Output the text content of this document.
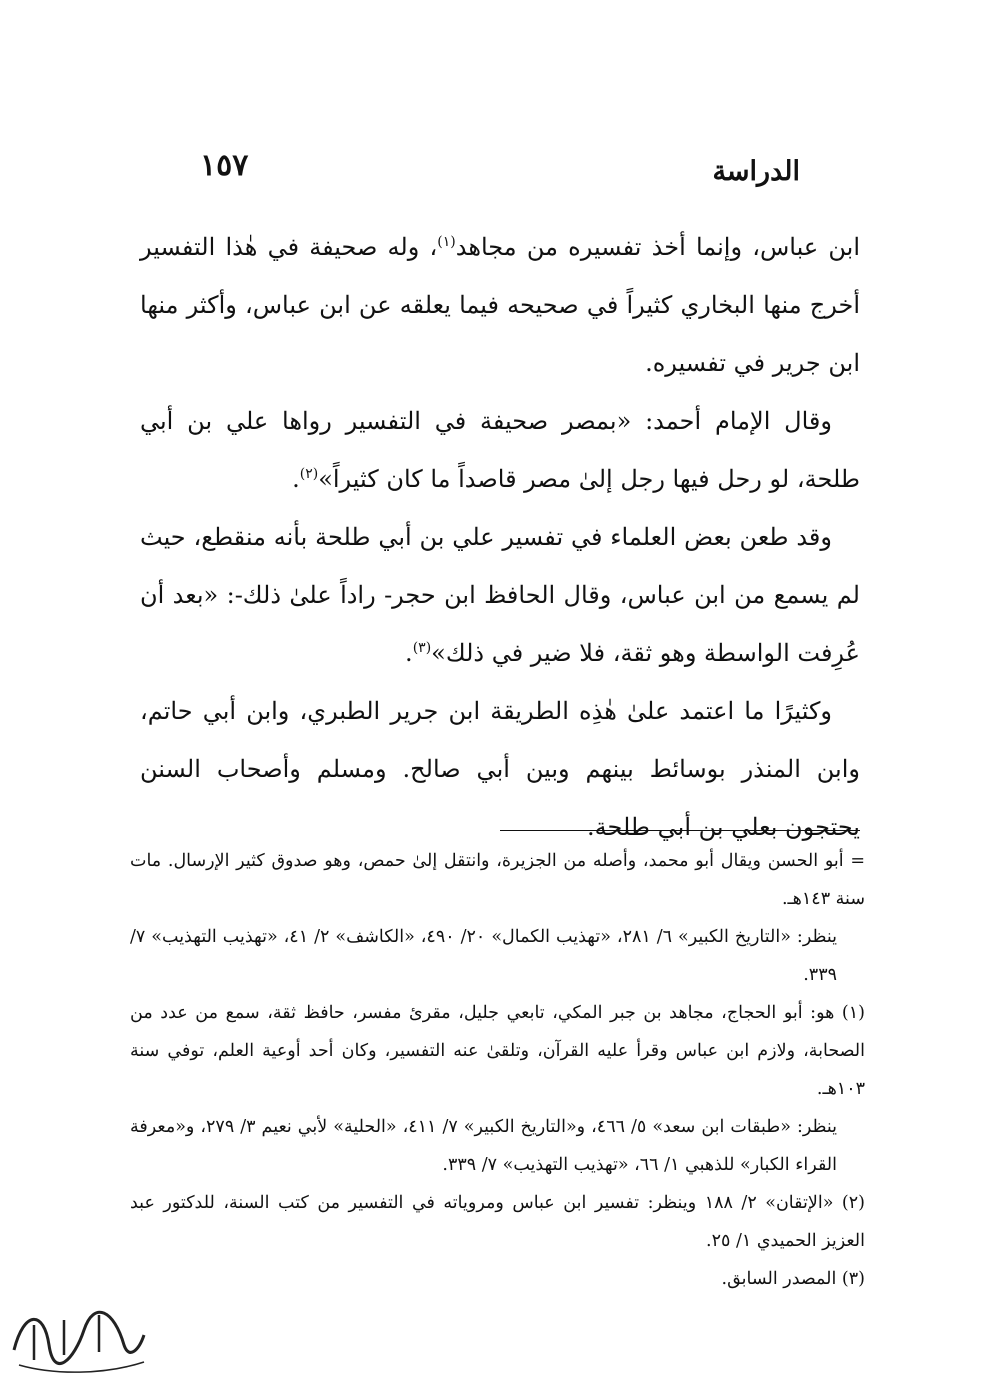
الدراسة
١٥٧

ابن عباس، وإنما أخذ تفسيره من مجاهد$^{(١)}$، وله صحيفة في هٰذا التفسير أخرج منها البخاري كثيراً في صحيحه فيما يعلقه عن ابن عباس، وأكثر منها ابن جرير في تفسيره.

وقال الإمام أحمد: «بمصر صحيفة في التفسير رواها علي بن أبي طلحة، لو رحل فيها رجل إلىٰ مصر قاصداً ما كان كثيراً»$^{(٢)}$.

وقد طعن بعض العلماء في تفسير علي بن أبي طلحة بأنه منقطع، حيث لم يسمع من ابن عباس، وقال الحافظ ابن حجر- راداً علىٰ ذلك-: «بعد أن عُرِفت الواسطة وهو ثقة، فلا ضير في ذلك»$^{(٣)}$.

وكثيرًا ما اعتمد علىٰ هٰذِه الطريقة ابن جرير الطبري، وابن أبي حاتم، وابن المنذر بوسائط بينهم وبين أبي صالح. ومسلم وأصحاب السنن يحتجون بعلي بن أبي طلحة.

= أبو الحسن ويقال أبو محمد، وأصله من الجزيرة، وانتقل إلىٰ حمص، وهو صدوق كثير الإرسال. مات سنة ١٤٣هـ.

ينظر: «التاريخ الكبير» ٦/ ٢٨١، «تهذيب الكمال» ٢٠/ ٤٩٠، «الكاشف» ٢/ ٤١، «تهذيب التهذيب» ٧/ ٣٣٩.

(١) هو: أبو الحجاج، مجاهد بن جبر المكي، تابعي جليل، مقرئ مفسر، حافظ ثقة، سمع من عدد من الصحابة، ولازم ابن عباس وقرأ عليه القرآن، وتلقىٰ عنه التفسير، وكان أحد أوعية العلم، توفي سنة ١٠٣هـ.

ينظر: «طبقات ابن سعد» ٥/ ٤٦٦، و«التاريخ الكبير» ٧/ ٤١١، «الحلية» لأبي نعيم ٣/ ٢٧٩، و«معرفة القراء الكبار» للذهبي ١/ ٦٦، «تهذيب التهذيب» ٧/ ٣٣٩.

(٢) «الإتقان» ٢/ ١٨٨ وينظر: تفسير ابن عباس ومروياته في التفسير من كتب السنة، للدكتور عبد العزيز الحميدي ١/ ٢٥.

(٣) المصدر السابق.
